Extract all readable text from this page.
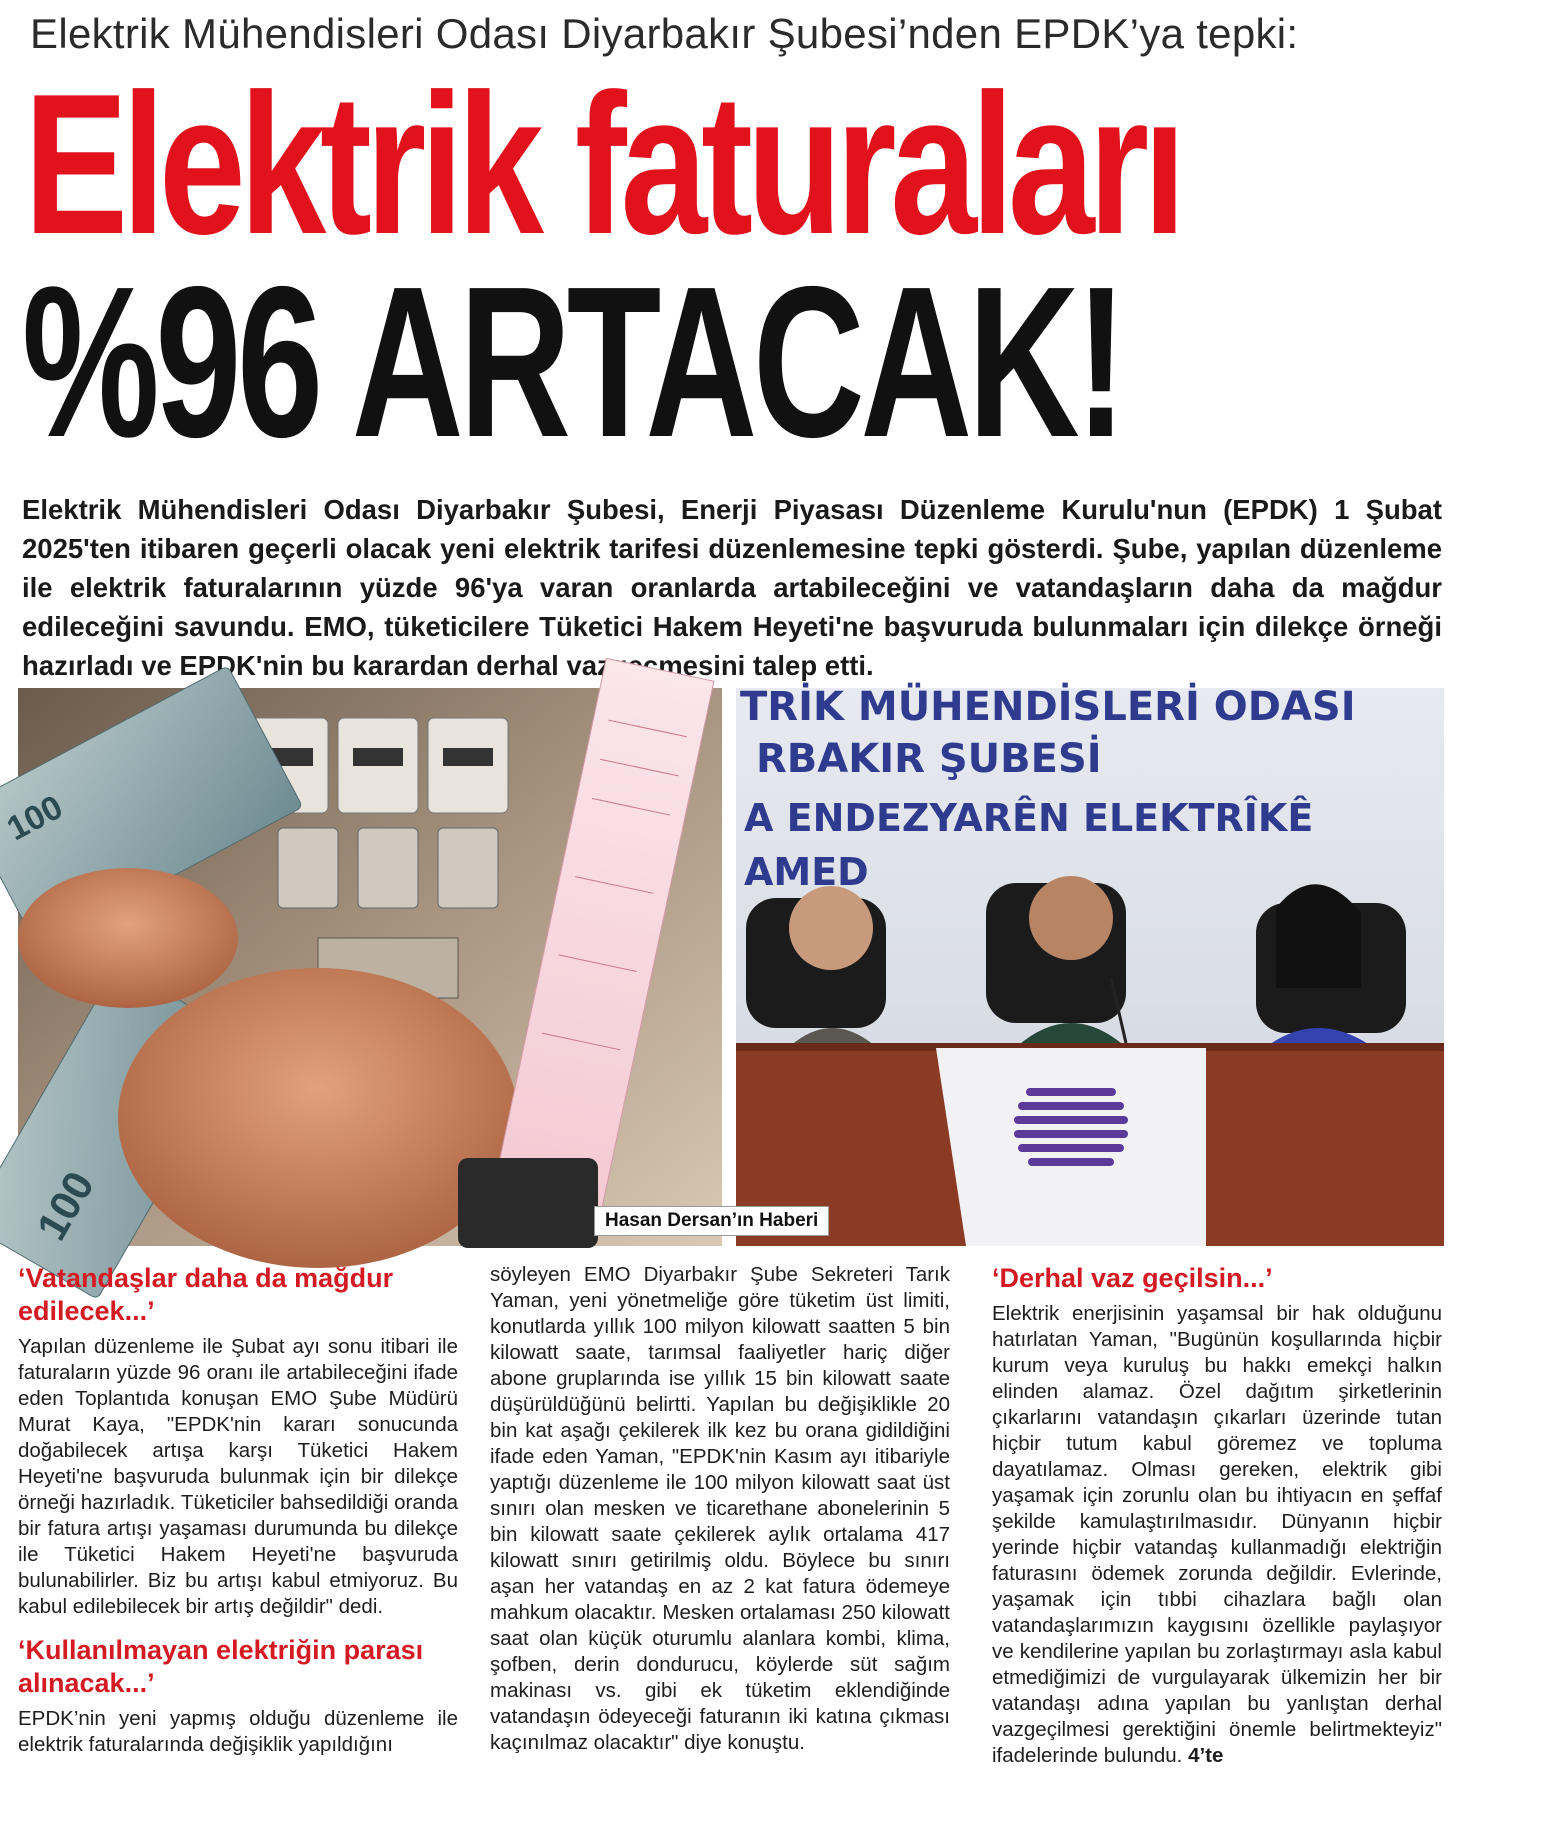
Elektrik Mühendisleri Odası Diyarbakır Şubesi’nden EPDK’ya tepki:
Elektrik faturaları
%96 ARTACAK!
Elektrik Mühendisleri Odası Diyarbakır Şubesi, Enerji Piyasası Düzenleme Kurulu'nun (EPDK) 1 Şubat 2025'ten itibaren geçerli olacak yeni elektrik tarifesi düzenlemesine tepki gösterdi. Şube, yapılan düzenleme ile elektrik faturalarının yüzde 96'ya varan oranlarda artabileceğini ve vatandaşların daha da mağdur edileceğini savundu. EMO, tüketicilere Tüketici Hakem Heyeti'ne başvuruda bulunmaları için dilekçe örneği hazırladı ve EPDK'nin bu karardan derhal vazgeçmesini talep etti.
100
100
TRİK MÜHENDİSLERİ ODASI
RBAKIR ŞUBESİ
A ENDEZYARÊN ELEKTRÎKÊ
AMED
Hasan Dersan’ın Haberi
‘Vatandaşlar daha da mağdur edilecek...’

Yapılan düzenleme ile Şubat ayı sonu itibari ile faturaların yüzde 96 oranı ile artabileceğini ifade eden Toplantıda konuşan EMO Şube Müdürü Murat Kaya, "EPDK'nin kararı sonucunda doğabilecek artışa karşı Tüketici Hakem Heyeti'ne başvuruda bulunmak için bir dilekçe örneği hazırladık. Tüketiciler bahsedildiği oranda bir fatura artışı yaşaması durumunda bu dilekçe ile Tüketici Hakem Heyeti'ne başvuruda bulunabilirler. Biz bu artışı kabul etmiyoruz. Bu kabul edilebilecek bir artış değildir" dedi.

‘Kullanılmayan elektriğin parası alınacak...’

EPDK’nin yeni yapmış olduğu düzenleme ile elektrik faturalarında değişiklik yapıldığını

söyleyen EMO Diyarbakır Şube Sekreteri Tarık Yaman, yeni yönetmeliğe göre tüketim üst limiti, konutlarda yıllık 100 milyon kilowatt saatten 5 bin kilowatt saate, tarımsal faaliyetler hariç diğer abone gruplarında ise yıllık 15 bin kilowatt saate düşürüldüğünü belirtti. Yapılan bu değişiklikle 20 bin kat aşağı çekilerek ilk kez bu orana gidildiğini ifade eden Yaman, "EPDK'nin Kasım ayı itibariyle yaptığı düzenleme ile 100 milyon kilowatt saat üst sınırı olan mesken ve ticarethane abonelerinin 5 bin kilowatt saate çekilerek aylık ortalama 417 kilowatt sınırı getirilmiş oldu. Böylece bu sınırı aşan her vatandaş en az 2 kat fatura ödemeye mahkum olacaktır. Mesken ortalaması 250 kilowatt saat olan küçük oturumlu alanlara kombi, klima, şofben, derin dondurucu, köylerde süt sağım makinası vs. gibi ek tüketim eklendiğinde vatandaşın ödeyeceği faturanın iki katına çıkması kaçınılmaz olacaktır" diye konuştu.

‘Derhal vaz geçilsin...’

Elektrik enerjisinin yaşamsal bir hak olduğunu hatırlatan Yaman, "Bugünün koşullarında hiçbir kurum veya kuruluş bu hakkı emekçi halkın elinden alamaz. Özel dağıtım şirketlerinin çıkarlarını vatandaşın çıkarları üzerinde tutan hiçbir tutum kabul göremez ve topluma dayatılamaz. Olması gereken, elektrik gibi yaşamak için zorunlu olan bu ihtiyacın en şeffaf şekilde kamulaştırılmasıdır. Dünyanın hiçbir yerinde hiçbir vatandaş kullanmadığı elektriğin faturasını ödemek zorunda değildir. Evlerinde, yaşamak için tıbbi cihazlara bağlı olan vatandaşlarımızın kaygısını özellikle paylaşıyor ve kendilerine yapılan bu zorlaştırmayı asla kabul etmediğimizi de vurgulayarak ülkemizin her bir vatandaşı adına yapılan bu yanlıştan derhal vazgeçilmesi gerektiğini önemle belirtmekteyiz" ifadelerinde bulundu. 4’te
